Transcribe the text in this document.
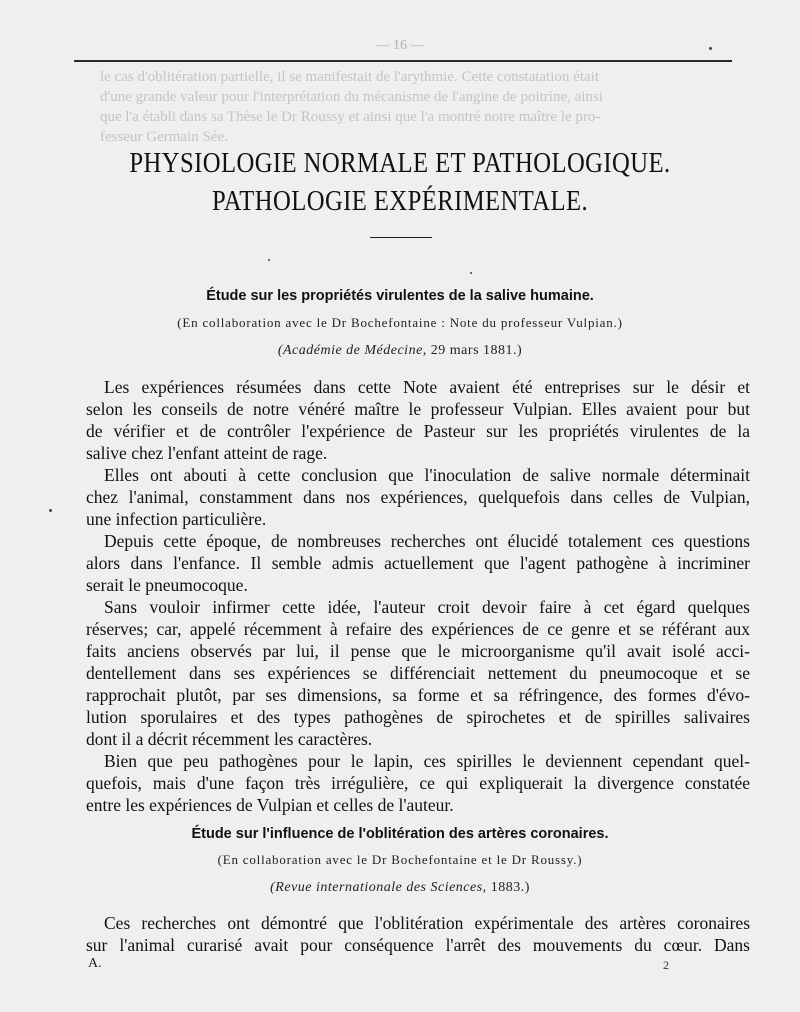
— 16 —
le cas d'oblitération partielle, il se manifestait de l'arythmie. Cette constatation était
d'une grande valeur pour l'interprétation du mécanisme de l'angine de poitrine, ainsi
que l'a établi dans sa Thèse le Dr Roussy et ainsi que l'a montré notre maître le pro-
fesseur Germain Sée.
PHYSIOLOGIE NORMALE ET PATHOLOGIQUE.
PATHOLOGIE EXPÉRIMENTALE.
Étude sur les propriétés virulentes de la salive humaine.
(En collaboration avec le Dr Bochefontaine : Note du professeur Vulpian.)
(Académie de Médecine, 29 mars 1881.)
Les expériences résumées dans cette Note avaient été entreprises sur le désir et
selon les conseils de notre vénéré maître le professeur Vulpian. Elles avaient pour but
de vérifier et de contrôler l'expérience de Pasteur sur les propriétés virulentes de la
salive chez l'enfant atteint de rage.
Elles ont abouti à cette conclusion que l'inoculation de salive normale déterminait
chez l'animal, constamment dans nos expériences, quelquefois dans celles de Vulpian,
une infection particulière.
Depuis cette époque, de nombreuses recherches ont élucidé totalement ces questions
alors dans l'enfance. Il semble admis actuellement que l'agent pathogène à incriminer
serait le pneumocoque.
Sans vouloir infirmer cette idée, l'auteur croit devoir faire à cet égard quelques
réserves; car, appelé récemment à refaire des expériences de ce genre et se référant aux
faits anciens observés par lui, il pense que le microorganisme qu'il avait isolé acci-
dentellement dans ses expériences se différenciait nettement du pneumocoque et se
rapprochait plutôt, par ses dimensions, sa forme et sa réfringence, des formes d'évo-
lution sporulaires et des types pathogènes de spirochetes et de spirilles salivaires
dont il a décrit récemment les caractères.
Bien que peu pathogènes pour le lapin, ces spirilles le deviennent cependant quel-
quefois, mais d'une façon très irrégulière, ce qui expliquerait la divergence constatée
entre les expériences de Vulpian et celles de l'auteur.
Étude sur l'influence de l'oblitération des artères coronaires.
(En collaboration avec le Dr Bochefontaine et le Dr Roussy.)
(Revue internationale des Sciences, 1883.)
Ces recherches ont démontré que l'oblitération expérimentale des artères coronaires
sur l'animal curarisé avait pour conséquence l'arrêt des mouvements du cœur. Dans
A.	2
